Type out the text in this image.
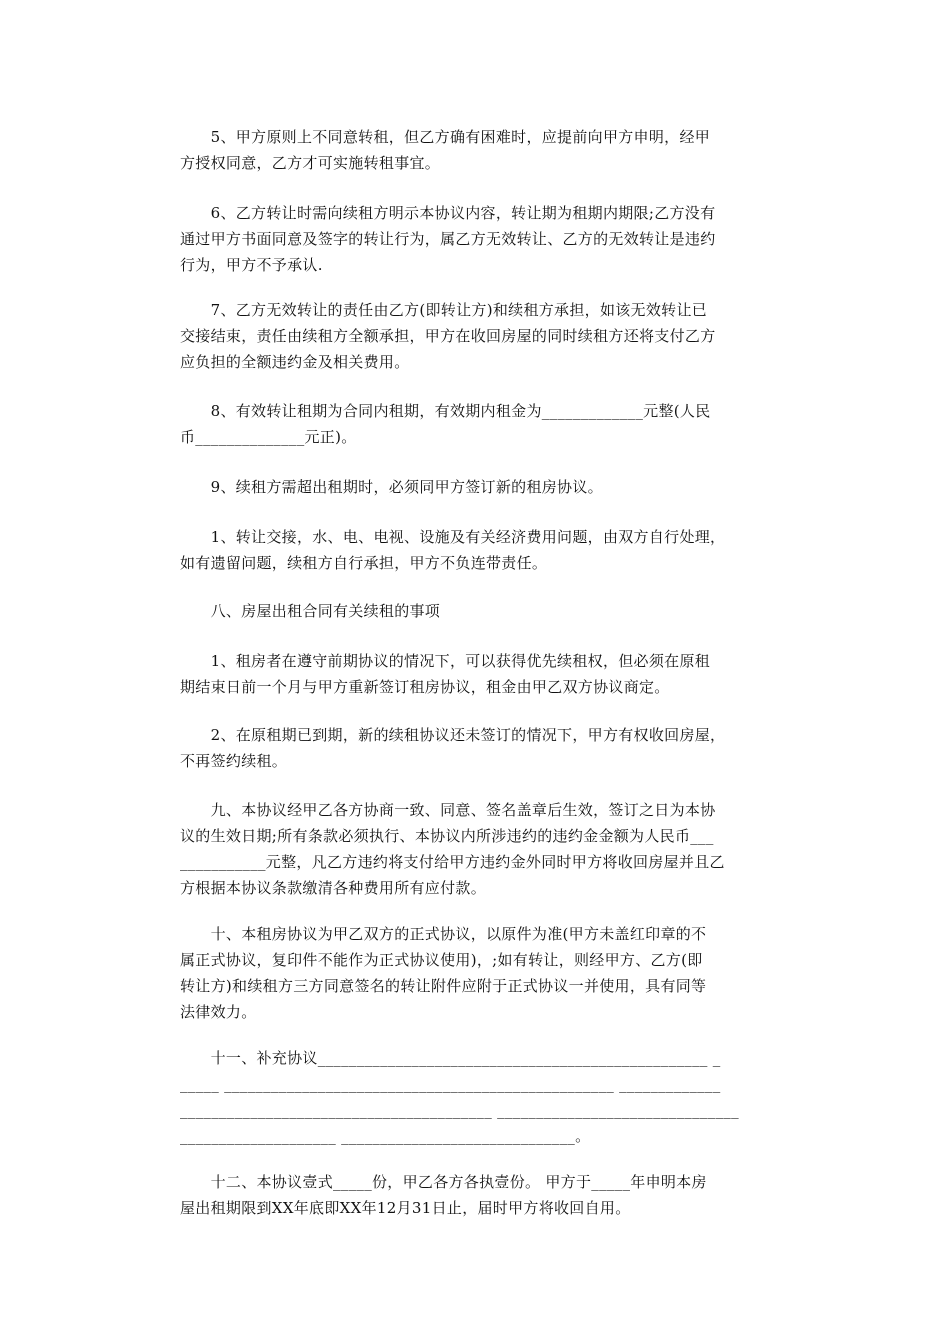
　　5、甲方原则上不同意转租，但乙方确有困难时，应提前向甲方申明，经甲
方授权同意，乙方才可实施转租事宜。
　　6、乙方转让时需向续租方明示本协议内容，转让期为租期内期限;乙方没有
通过甲方书面同意及签字的转让行为，属乙方无效转让、乙方的无效转让是违约
行为，甲方不予承认.
　　7、乙方无效转让的责任由乙方(即转让方)和续租方承担，如该无效转让已
交接结束，责任由续租方全额承担，甲方在收回房屋的同时续租方还将支付乙方
应负担的全额违约金及相关费用。
　　8、有效转让租期为合同内租期，有效期内租金为_____________元整(人民
币______________元正)。
　　9、续租方需超出租期时，必须同甲方签订新的租房协议。
　　1、转让交接，水、电、电视、设施及有关经济费用问题，由双方自行处理，
如有遗留问题，续租方自行承担，甲方不负连带责任。
　　八、房屋出租合同有关续租的事项
　　1、租房者在遵守前期协议的情况下，可以获得优先续租权，但必须在原租
期结束日前一个月与甲方重新签订租房协议，租金由甲乙双方协议商定。
　　2、在原租期已到期，新的续租协议还未签订的情况下，甲方有权收回房屋，
不再签约续租。
　　九、本协议经甲乙各方协商一致、同意、签名盖章后生效，签订之日为本协
议的生效日期;所有条款必须执行、本协议内所涉违约的违约金金额为人民币___
___________元整，凡乙方违约将支付给甲方违约金外同时甲方将收回房屋并且乙
方根据本协议条款缴清各种费用所有应付款。
　　十、本租房协议为甲乙双方的正式协议，以原件为准(甲方未盖红印章的不
属正式协议，复印件不能作为正式协议使用)，;如有转让，则经甲方、乙方(即
转让方)和续租方三方同意签名的转让附件应附于正式协议一并使用，具有同等
法律效力。
　　十一、补充协议__________________________________________________ _
_____ __________________________________________________ _____________
________________________________________ _______________________________
____________________ ______________________________。
　　十二、本协议壹式_____份，甲乙各方各执壹份。 甲方于_____年申明本房
屋出租期限到XX年底即XX年12月31日止，届时甲方将收回自用。
